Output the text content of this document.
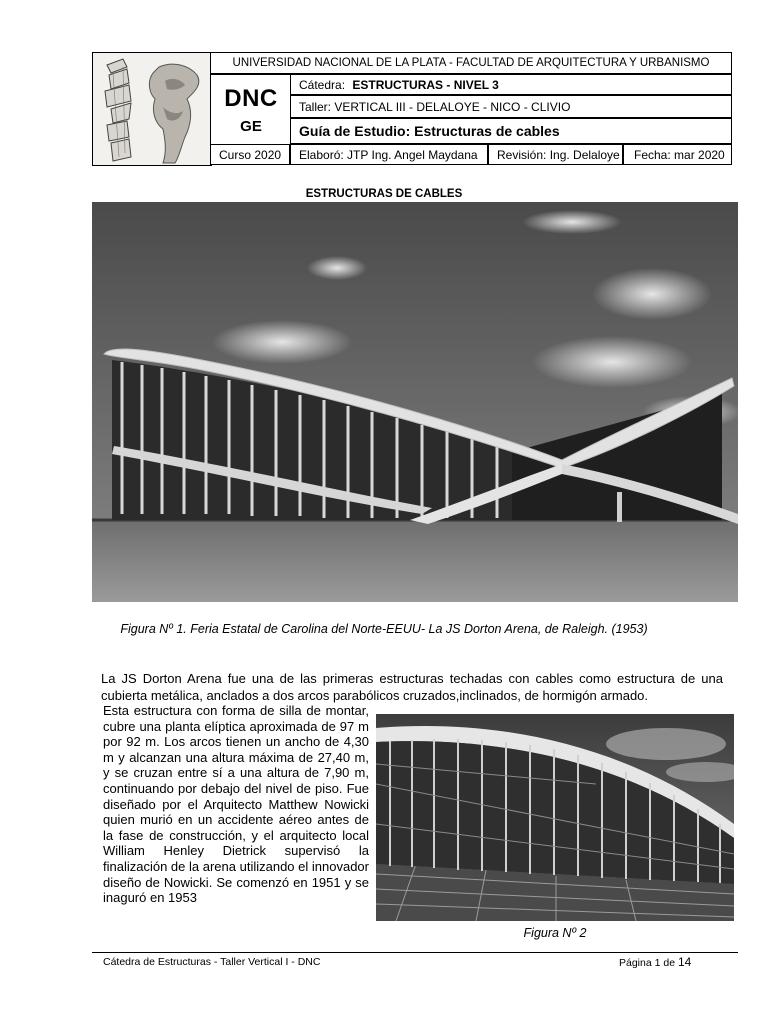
DNC
GE
UNIVERSIDAD NACIONAL DE LA PLATA - FACULTAD DE ARQUITECTURA Y URBANISMO
Cátedra: ESTRUCTURAS - NIVEL 3
Taller: VERTICAL III - DELALOYE - NICO - CLIVIO
Guía de Estudio: Estructuras de cables
Curso 2020	Elaboró: JTP Ing. Angel Maydana	Revisión: Ing. Delaloye	Fecha: mar 2020
ESTRUCTURAS DE CABLES
Figura Nº 1. Feria Estatal de Carolina del Norte-EEUU- La JS Dorton Arena, de Raleigh. (1953)
La JS Dorton Arena fue una de las primeras estructuras techadas con cables como estructura de una cubierta metálica, anclados a dos arcos parabólicos cruzados,inclinados, de hormigón armado.
Esta estructura con forma de silla de montar, cubre una planta elíptica aproximada de 97 m por 92 m. Los arcos tienen un ancho de 4,30 m y alcanzan una altura máxima de 27,40 m, y se cruzan entre sí a una altura de 7,90 m, continuando por debajo del nivel de piso. Fue diseñado por el Arquitecto Matthew Nowicki quien murió en un accidente aéreo antes de la fase de construcción, y el arquitecto local William Henley Dietrick supervisó la finalización de la arena utilizando el innovador diseño de Nowicki. Se comenzó en 1951 y se inaguró en 1953
Figura Nº 2
Cátedra de Estructuras - Taller Vertical I - DNC	Página 1 de 14
